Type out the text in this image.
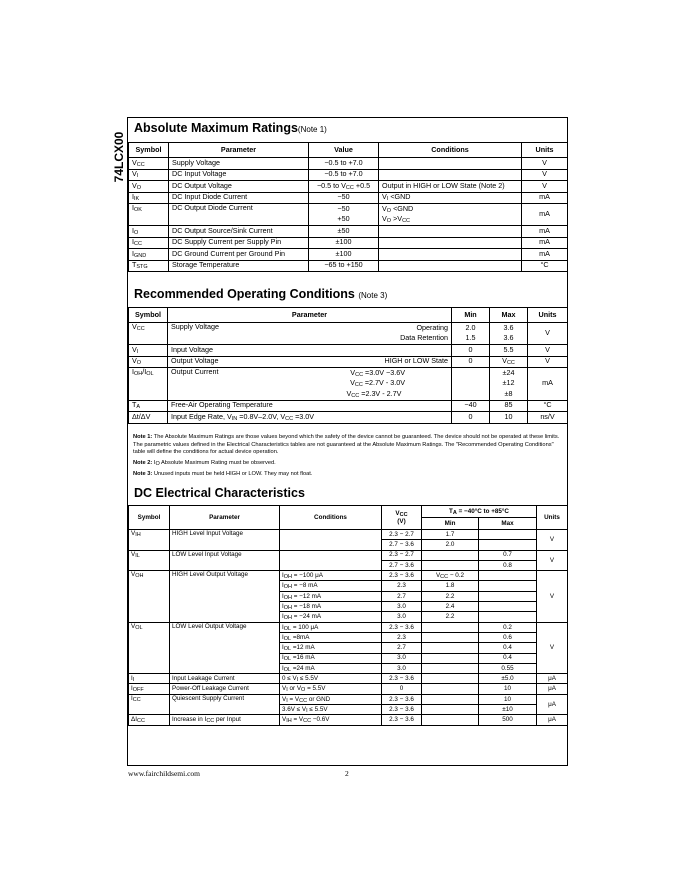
74LCX00
Absolute Maximum Ratings(Note 1)
Symbol	Parameter	Value	Conditions	Units
$V_{CC}$	Supply Voltage	−0.5 to +7.0		V
$V_I$	DC Input Voltage	−0.5 to +7.0		V
$V_O$	DC Output Voltage	−0.5 to $V_{CC} +0.5$	Output in HIGH or LOW State (Note 2)	V
$I_{IK}$	DC Input Diode Current	−50	$V_I <GND$	mA
$I_{OK}$	DC Output Diode Current	−50	$V_O <GND$	mA
		+50	$V_O >V_{CC}$
$I_O$	DC Output Source/Sink Current	±50		mA
$I_{CC}$	DC Supply Current per Supply Pin	±100		mA
$I_{GND}$	DC Ground Current per Ground Pin	±100		mA
$T_{STG}$	Storage Temperature	−65 to +150		°C
Recommended Operating Conditions (Note 3)
Symbol	Parameter		Min	Max	Units
$V_{CC}$	Supply Voltage	Operating	2.0	3.6	V
		Data Retention	1.5	3.6	
$V_I$	Input Voltage		0	5.5	V
$V_O$	Output Voltage	HIGH or LOW State	0	$V_{CC}$	V
$I_{OH}/I_{OL}$	Output Current	$V_{CC} =3.0V -3.6V$		±24	mA
		$V_{CC} =2.7V - 3.0V$		±12	
		$V_{CC} =2.3V - 2.7V$		±8	
$T_A$	Free-Air Operating Temperature		−40	85	°C
Δt/ΔV	Input Edge Rate, $V_{IN} =0.8V-2.0V$, $V_{CC} =3.0V$		0	10	ns/V

Note 1: The Absolute Maximum Ratings are those values beyond which the safety of the device cannot be guaranteed. The device should not be operated at these limits. The parametric values defined in the Electrical Characteristics tables are not guaranteed at the Absolute Maximum Ratings. The "Recommended Operating Conditions" table will define the conditions for actual device operation.

Note 2: $I_O$ Absolute Maximum Rating must be observed.

Note 3: Unused inputs must be held HIGH or LOW. They may not float.

DC Electrical Characteristics
Symbol	Parameter	Conditions	$V_{CC}$
(V)	$T_A = -40^\circ C$ to +85°C		Units
				Min	Max	
$V_{IH}$	HIGH Level Input Voltage		2.3 − 2.7	1.7		V
			2.7 − 3.6	2.0		
$V_{IL}$	LOW Level Input Voltage		2.3 − 2.7		0.7	V
			2.7 − 3.6		0.8	
$V_{OH}$	HIGH Level Output Voltage	$I_{OH} = -100$ μA	2.3 − 3.6	$V_{CC} - 0.2$		V
		$I_{OH} = -8$ mA	2.3	1.8		
		$I_{OH} = -12$ mA	2.7	2.2		
		$I_{OH} = -18$ mA	3.0	2.4		
		$I_{OH} = -24$ mA	3.0	2.2		
$V_{OL}$	LOW Level Output Voltage	$I_{OL} = 100$ μA	2.3 − 3.6		0.2	V
		$I_{OL} =8mA$	2.3		0.6	
		$I_{OL} =12$ mA	2.7		0.4	
		$I_{OL} =16$ mA	3.0		0.4	
		$I_{OL} =24$ mA	3.0		0.55	
$I_I$	Input Leakage Current	$0 \le V_I \le 5.5V$	2.3 − 3.6		±5.0	μA
$I_{OFF}$	Power-Off Leakage Current	$V_I$ or $V_O = 5.5V$	0		10	μA
$I_{CC}$	Quiescent Supply Current	$V_I = V_{CC}$ or GND	2.3 − 3.6		10	μA
		$3.6V \le V_I \le 5.5V$	2.3 − 3.6		±10	
$\Delta I_{CC}$	Increase in $I_{CC}$ per Input	$V_{IH} = V_{CC} -0.6V$	2.3 − 3.6		500	μA
www.fairchildsemi.com	2
